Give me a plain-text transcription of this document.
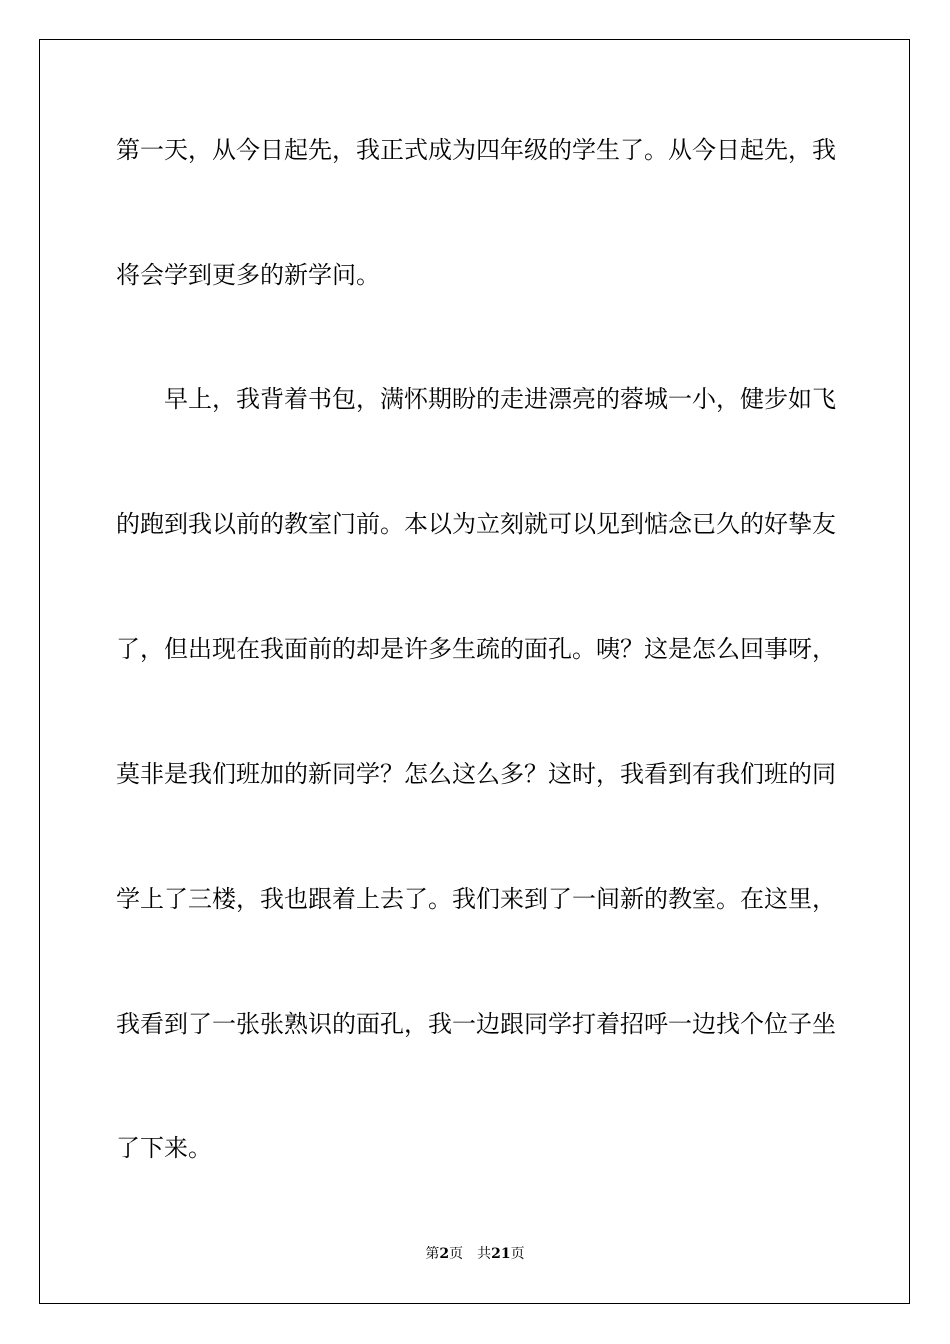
第一天，从今日起先，我正式成为四年级的学生了。从今日起先，我
将会学到更多的新学问。
早上，我背着书包，满怀期盼的走进漂亮的蓉城一小，健步如飞
的跑到我以前的教室门前。本以为立刻就可以见到惦念已久的好挚友
了，但出现在我面前的却是许多生疏的面孔。咦？这是怎么回事呀，
莫非是我们班加的新同学？怎么这么多？这时，我看到有我们班的同
学上了三楼，我也跟着上去了。我们来到了一间新的教室。在这里，
我看到了一张张熟识的面孔，我一边跟同学打着招呼一边找个位子坐
了下来。
第2页 共21页
